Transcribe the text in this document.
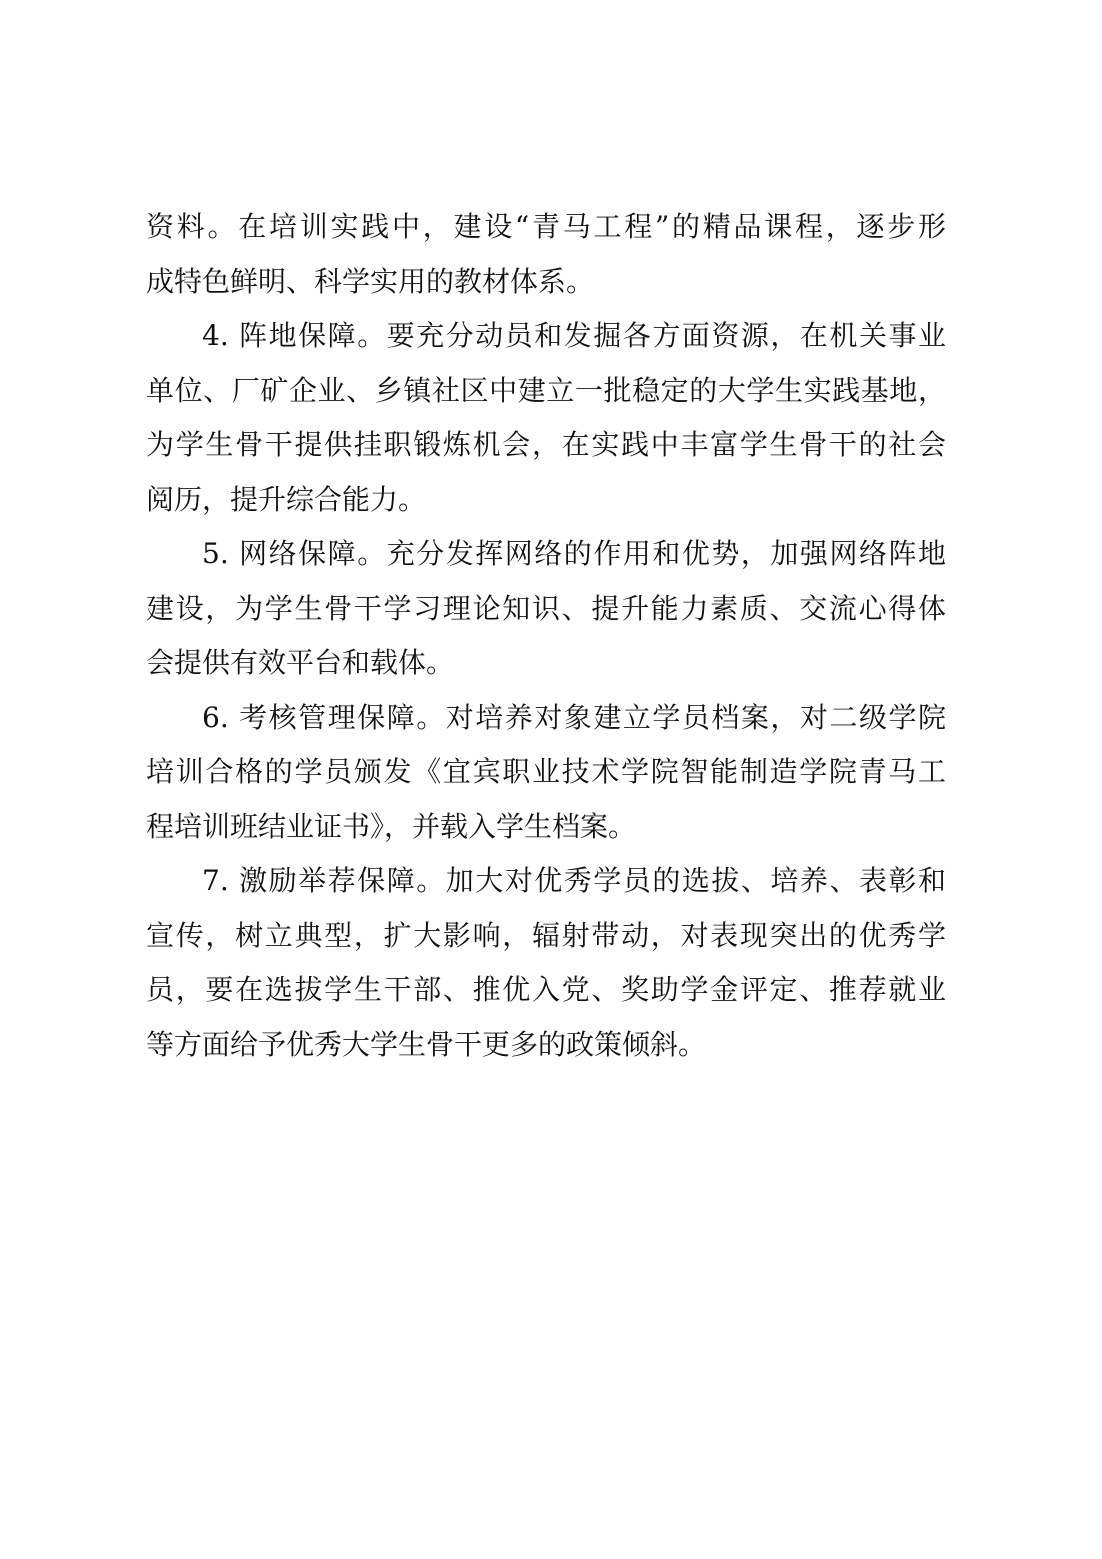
资料。在培训实践中，建设“青马工程”的精品课程，逐步形
成特色鲜明、科学实用的教材体系。
4. 阵地保障。要充分动员和发掘各方面资源，在机关事业
单位、厂矿企业、乡镇社区中建立一批稳定的大学生实践基地，
为学生骨干提供挂职锻炼机会，在实践中丰富学生骨干的社会
阅历，提升综合能力。
5. 网络保障。充分发挥网络的作用和优势，加强网络阵地
建设，为学生骨干学习理论知识、提升能力素质、交流心得体
会提供有效平台和载体。
6. 考核管理保障。对培养对象建立学员档案，对二级学院
培训合格的学员颁发《宜宾职业技术学院智能制造学院青马工
程培训班结业证书》，并载入学生档案。
7. 激励举荐保障。加大对优秀学员的选拔、培养、表彰和
宣传，树立典型，扩大影响，辐射带动，对表现突出的优秀学
员，要在选拔学生干部、推优入党、奖助学金评定、推荐就业
等方面给予优秀大学生骨干更多的政策倾斜。
